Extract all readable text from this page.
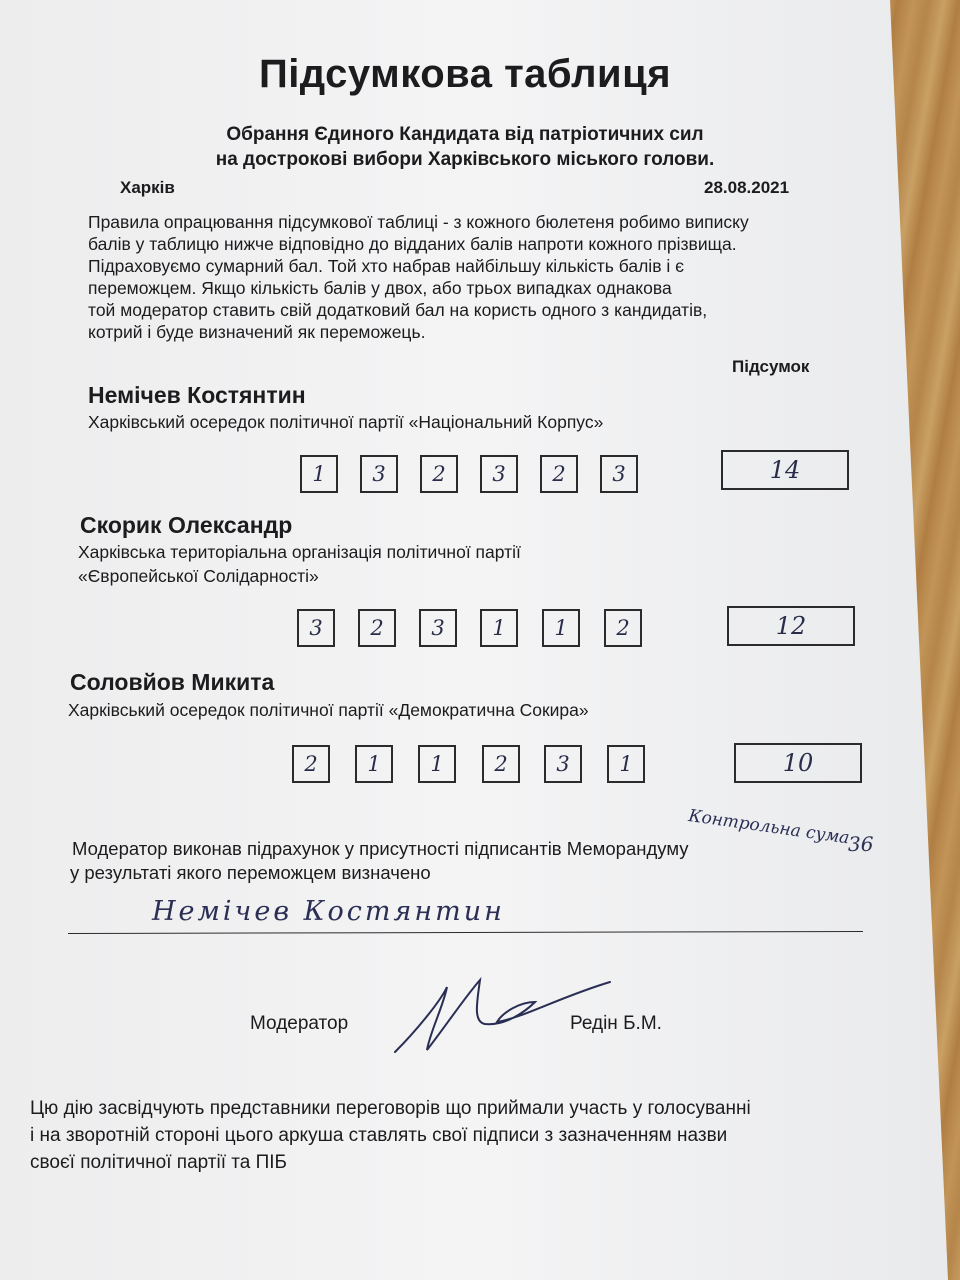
Підсумкова таблиця
Обрання Єдиного Кандидата від патріотичних сил
на дострокові вибори Харківського міського голови.
Харків	28.08.2021
Правила опрацювання підсумкової таблиці - з кожного бюлетеня робимо виписку
балів у таблицю нижче відповідно до відданих балів напроти кожного прізвища.
Підраховуємо сумарний бал. Той хто набрав найбільшу кількість балів і є
переможцем. Якщо кількість балів у двох, або трьох випадках однакова
той модератор ставить свій додатковий бал на користь одного з кандидатів,
котрий і буде визначений як переможець.
Підсумок
Немічев Костянтин
Харківський осередок політичної партії «Національний Корпус»
1	3	2	3	2	3	14
Скорик Олександр
Харківська територіальна організація політичної партії
«Європейської Солідарності»
3	2	3	1	1	2	12
Соловйов Микита
Харківський осередок політичної партії «Демократична Сокира»
2	1	1	2	3	1	10
Контрольна сума
36
Модератор виконав підрахунок у присутності підписантів Меморандуму
у результаті якого переможцем визначено
Немічев Костянтин
Модератор	Редін Б.М.
Цю дію засвідчують представники переговорів що приймали участь у голосуванні
і на зворотній стороні цього аркуша ставлять свої підписи з зазначенням назви
своєї політичної партії та ПІБ
